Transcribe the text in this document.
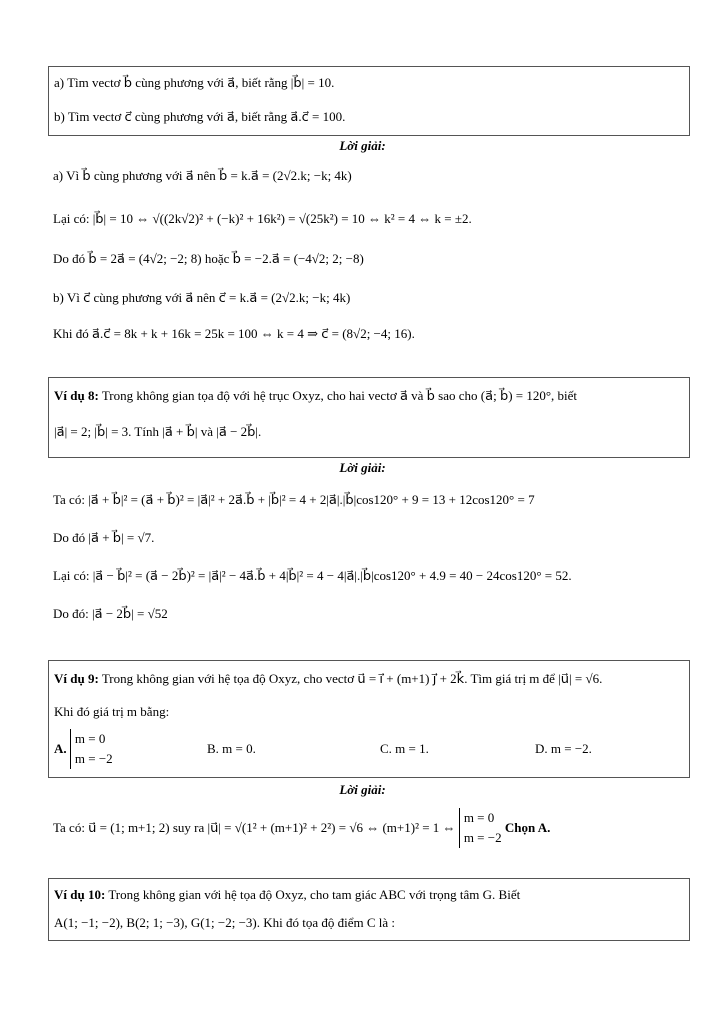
a) Tìm vectơ b⃗ cùng phương với a⃗, biết rằng |b⃗| = 10.
b) Tìm vectơ c⃗ cùng phương với a⃗, biết rằng a⃗.c⃗ = 100.
Lời giải:
a) Vì b⃗ cùng phương với a⃗ nên b⃗ = k.a⃗ = (2√2.k; −k; 4k)
Lại có: |b⃗| = 10 ⇔ √((2k√2)² + (−k)² + 16k²) = √(25k²) = 10 ⇔ k² = 4 ⇔ k = ±2.
Do đó b⃗ = 2a⃗ = (4√2; −2; 8) hoặc b⃗ = −2.a⃗ = (−4√2; 2; −8)
b) Vì c⃗ cùng phương với a⃗ nên c⃗ = k.a⃗ = (2√2.k; −k; 4k)
Khi đó a⃗.c⃗ = 8k + k + 16k = 25k = 100 ⇔ k = 4 ⇒ c⃗ = (8√2; −4; 16).
Ví dụ 8: Trong không gian tọa độ với hệ trục Oxyz, cho hai vectơ a⃗ và b⃗ sao cho (a⃗; b⃗) = 120°, biết
|a⃗| = 2; |b⃗| = 3. Tính |a⃗ + b⃗| và |a⃗ − 2b⃗|.
Lời giải:
Ta có: |a⃗ + b⃗|² = (a⃗ + b⃗)² = |a⃗|² + 2a⃗.b⃗ + |b⃗|² = 4 + 2|a⃗|.|b⃗|cos120° + 9 = 13 + 12cos120° = 7
Do đó |a⃗ + b⃗| = √7.
Lại có: |a⃗ − b⃗|² = (a⃗ − 2b⃗)² = |a⃗|² − 4a⃗.b⃗ + 4|b⃗|² = 4 − 4|a⃗|.|b⃗|cos120° + 4.9 = 40 − 24cos120° = 52.
Do đó: |a⃗ − 2b⃗| = √52
Ví dụ 9: Trong không gian với hệ tọa độ Oxyz, cho vectơ u⃗ = i⃗ + (m+1) j⃗ + 2k⃗. Tìm giá trị m để |u⃗| = √6.
Khi đó giá trị m bằng:
A. m = 0
m = −2
B. m = 0.	C. m = 1.	D. m = −2.
Lời giải:
Ta có: u⃗ = (1; m+1; 2) suy ra |u⃗| = √(1² + (m+1)² + 2²) = √6 ⇔ (m+1)² = 1 ⇔ m = 0
m = −2 Chọn A.
Ví dụ 10: Trong không gian với hệ tọa độ Oxyz, cho tam giác ABC với trọng tâm G. Biết
A(1; −1; −2), B(2; 1; −3), G(1; −2; −3). Khi đó tọa độ điểm C là :
